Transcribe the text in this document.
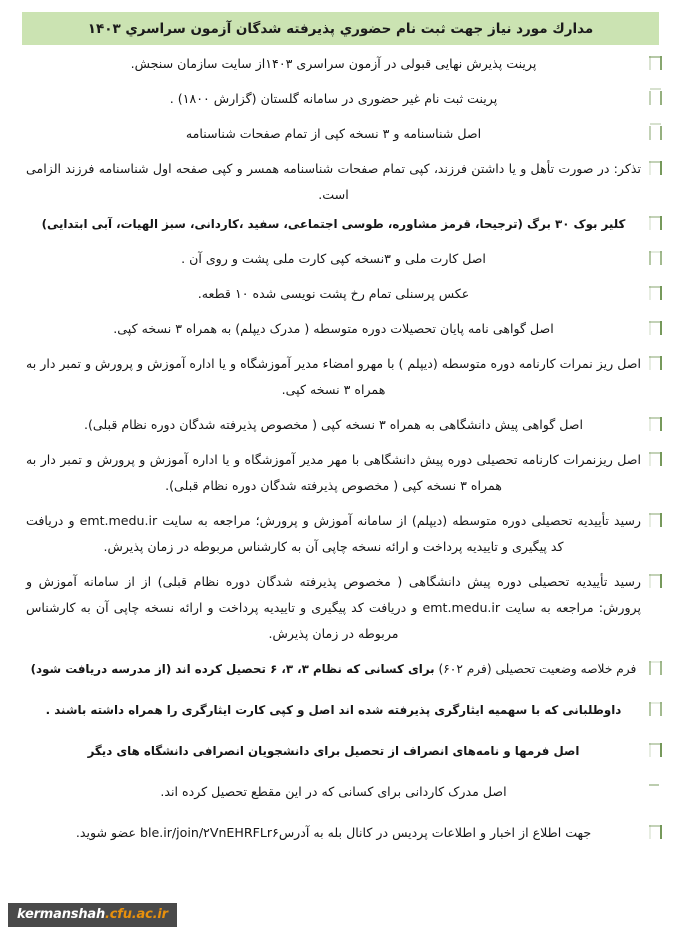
مدارك مورد نياز جهت ثبت نام حضوري پذيرفته شدگان آزمون سراسري ۱۴۰۳
پرینت پذیرش نهایی قبولی در آزمون سراسری ۱۴۰۳از سایت سازمان سنجش.
پرینت ثبت نام غیر حضوری در سامانه گلستان (گزارش ۱۸۰۰) .
اصل شناسنامه و ۳ نسخه کپی از تمام صفحات شناسنامه
تذکر: در صورت تأهل و یا داشتن فرزند، کپی تمام صفحات شناسنامه همسر و کپی صفحه اول شناسنامه فرزند الزامی است.
کلیر بوک ۳۰ برگ (ترجیحا، قرمز مشاوره، طوسی اجتماعی، سفید ،کاردانی، سبز الهیات، آبی ابتدایی)
اصل کارت ملی و ۳نسخه کپی کارت ملی پشت و روی آن .
عکس پرسنلی تمام رخ پشت نویسی شده ۱۰ قطعه.
اصل گواهی نامه پایان تحصیلات دوره متوسطه ( مدرک دیپلم) به همراه ۳ نسخه کپی.
اصل ریز نمرات کارنامه دوره متوسطه (دیپلم ) با مهرو امضاء مدیر آموزشگاه و یا اداره آموزش و پرورش و تمبر دار به همراه ۳ نسخه کپی.
اصل گواهی پیش دانشگاهی به همراه ۳ نسخه کپی ( مخصوص پذیرفته شدگان دوره نظام قبلی).
اصل ریزنمرات کارنامه تحصیلی دوره پیش دانشگاهی با مهر مدیر آموزشگاه و یا اداره آموزش و پرورش و تمبر دار به همراه ۳ نسخه کپی ( مخصوص پذیرفته شدگان دوره نظام قبلی).
رسید تأییدیه تحصیلی دوره متوسطه (دیپلم) از سامانه آموزش و پرورش؛ مراجعه به سایت emt.medu.ir و دریافت کد پیگیری و تاییدیه پرداخت و ارائه نسخه چاپی آن به کارشناس مربوطه در زمان پذیرش.
رسید تأییدیه تحصیلی دوره پیش دانشگاهی ( مخصوص پذیرفته شدگان دوره نظام قبلی) از از سامانه آموزش و پرورش: مراجعه به سایت emt.medu.ir و دریافت کد پیگیری و تاییدیه پرداخت و ارائه نسخه چاپی آن به کارشناس مربوطه در زمان پذیرش.
فرم خلاصه وضعیت تحصیلی (فرم ۶۰۲) برای کسانی که نظام ۳، ۳، ۶ تحصیل کرده اند (از مدرسه دریافت شود)
داوطلبانی که با سهمیه ایثارگری پذیرفته شده اند اصل و کپی کارت ایثارگری را همراه داشته باشند .
اصل فرمها و نامه‌های انصراف از تحصیل برای دانشجویان انصرافی دانشگاه های دیگر
اصل مدرک کاردانی برای کسانی که در این مقطع تحصیل کرده اند.
جهت اطلاع از اخبار و اطلاعات پردیس در کانال بله به آدرسble.ir/join/۲VnEHRFLr۶ عضو شوید.
kermanshah.cfu.ac.ir
